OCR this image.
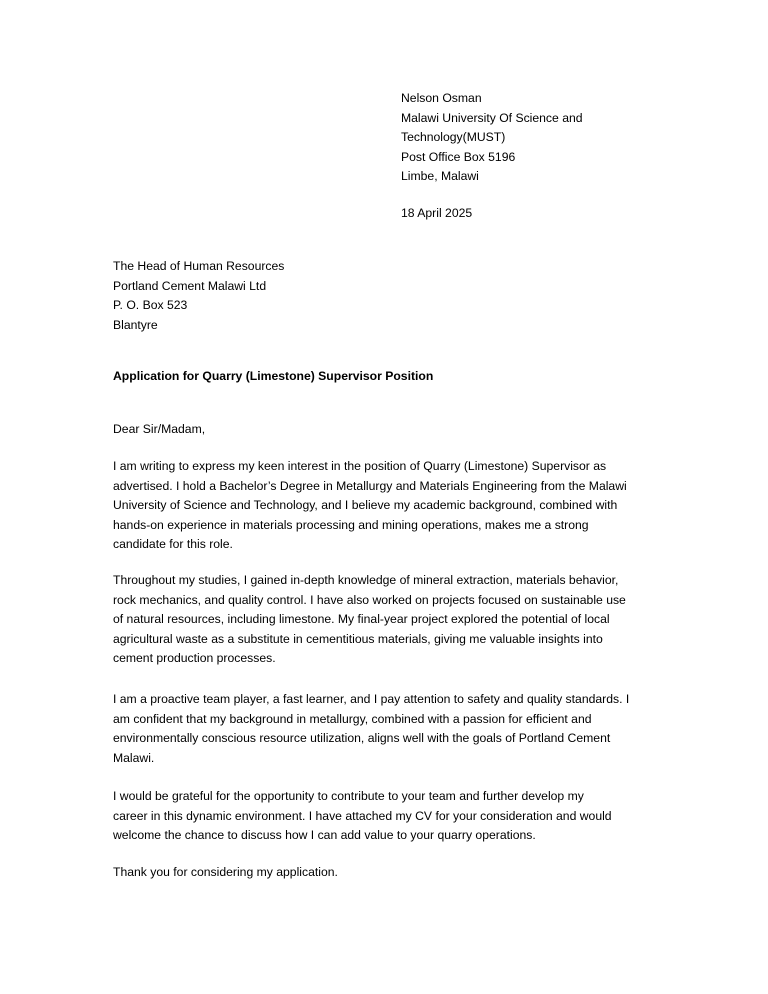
Nelson Osman
Malawi University Of Science and
Technology(MUST)
Post Office Box 5196
Limbe, Malawi
18 April 2025
The Head of Human Resources
Portland Cement Malawi Ltd
P. O. Box 523
Blantyre
Application for Quarry (Limestone) Supervisor Position
Dear Sir/Madam,
I am writing to express my keen interest in the position of Quarry (Limestone) Supervisor as
advertised. I hold a Bachelor’s Degree in Metallurgy and Materials Engineering from the Malawi
University of Science and Technology, and I believe my academic background, combined with
hands-on experience in materials processing and mining operations, makes me a strong
candidate for this role.
Throughout my studies, I gained in-depth knowledge of mineral extraction, materials behavior,
rock mechanics, and quality control. I have also worked on projects focused on sustainable use
of natural resources, including limestone. My final-year project explored the potential of local
agricultural waste as a substitute in cementitious materials, giving me valuable insights into
cement production processes.
I am a proactive team player, a fast learner, and I pay attention to safety and quality standards. I
am confident that my background in metallurgy, combined with a passion for efficient and
environmentally conscious resource utilization, aligns well with the goals of Portland Cement
Malawi.
I would be grateful for the opportunity to contribute to your team and further develop my
career in this dynamic environment. I have attached my CV for your consideration and would
welcome the chance to discuss how I can add value to your quarry operations.
Thank you for considering my application.
